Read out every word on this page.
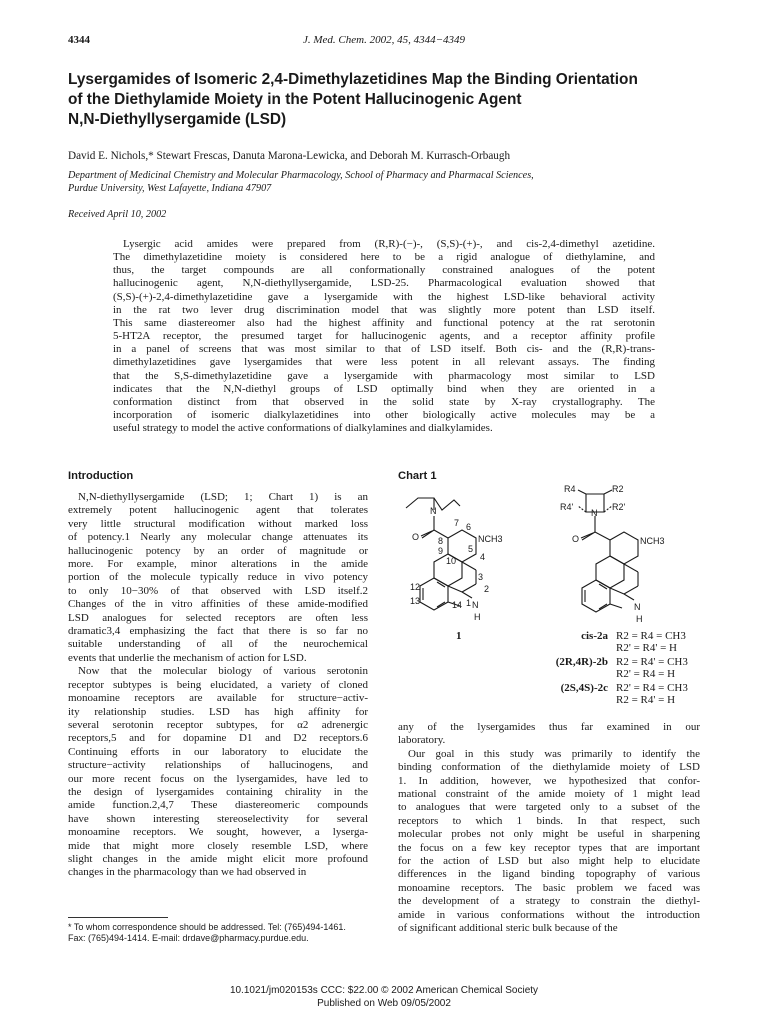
4344	J. Med. Chem. 2002, 45, 4344−4349
Lysergamides of Isomeric 2,4-Dimethylazetidines Map the Binding Orientation
of the Diethylamide Moiety in the Potent Hallucinogenic Agent
N,N-Diethyllysergamide (LSD)
David E. Nichols,* Stewart Frescas, Danuta Marona-Lewicka, and Deborah M. Kurrasch-Orbaugh
Department of Medicinal Chemistry and Molecular Pharmacology, School of Pharmacy and Pharmacal Sciences,
Purdue University, West Lafayette, Indiana 47907
Received April 10, 2002
Lysergic acid amides were prepared from (R,R)-(−)-, (S,S)-(+)-, and cis-2,4-dimethyl azetidine.
The dimethylazetidine moiety is considered here to be a rigid analogue of diethylamine, and
thus, the target compounds are all conformationally constrained analogues of the potent
hallucinogenic agent, N,N-diethyllysergamide, LSD-25. Pharmacological evaluation showed that
(S,S)-(+)-2,4-dimethylazetidine gave a lysergamide with the highest LSD-like behavioral activity
in the rat two lever drug discrimination model that was slightly more potent than LSD itself.
This same diastereomer also had the highest affinity and functional potency at the rat serotonin
5-HT2A receptor, the presumed target for hallucinogenic agents, and a receptor affinity profile
in a panel of screens that was most similar to that of LSD itself. Both cis- and the (R,R)-trans-
dimethylazetidines gave lysergamides that were less potent in all relevant assays. The finding
that the S,S-dimethylazetidine gave a lysergamide with pharmacology most similar to LSD
indicates that the N,N-diethyl groups of LSD optimally bind when they are oriented in a
conformation distinct from that observed in the solid state by X-ray crystallography. The
incorporation of isomeric dialkylazetidines into other biologically active molecules may be a
useful strategy to model the active conformations of dialkylamines and dialkylamides.
Introduction
N,N-diethyllysergamide (LSD; 1; Chart 1) is an
extremely potent hallucinogenic agent that tolerates
very little structural modification without marked loss
of potency.1 Nearly any molecular change attenuates its
hallucinogenic potency by an order of magnitude or
more. For example, minor alterations in the amide
portion of the molecule typically reduce in vivo potency
to only 10−30% of that observed with LSD itself.2
Changes of the in vitro affinities of these amide-modified
LSD analogues for selected receptors are often less
dramatic3,4 emphasizing the fact that there is so far no
suitable understanding of all of the neurochemical
events that underlie the mechanism of action for LSD.
Now that the molecular biology of various serotonin
receptor subtypes is being elucidated, a variety of cloned
monoamine receptors are available for structure−activ-
ity relationship studies. LSD has high affinity for
several serotonin receptor subtypes, for α2 adrenergic
receptors,5 and for dopamine D1 and D2 receptors.6
Continuing efforts in our laboratory to elucidate the
structure−activity relationships of hallucinogens, and
our more recent focus on the lysergamides, have led to
the design of lysergamides containing chirality in the
amide function.2,4,7 These diastereomeric compounds
have shown interesting stereoselectivity for several
monoamine receptors. We sought, however, a lyserga-
mide that might more closely resemble LSD, where
slight changes in the amide might elicit more profound
changes in the pharmacology than we had observed in
Chart 1
N
O	NCH3
N
H
7 6
8
5
9
10	4
12
3
2
13	1
14
R4	R2
R4'	R2'
N
O	NCH3
N
H
1	cis-2a R2 = R4 = CH3
R2' = R4' = H
(2R,4R)-2b R2 = R4' = CH3
R2' = R4 = H
(2S,4S)-2c R2' = R4 = CH3
R2 = R4' = H
any of the lysergamides thus far examined in our
laboratory.
Our goal in this study was primarily to identify the
binding conformation of the diethylamide moiety of LSD
1. In addition, however, we hypothesized that confor-
mational constraint of the amide moiety of 1 might lead
to analogues that were targeted only to a subset of the
receptors to which 1 binds. In that respect, such
molecular probes not only might be useful in sharpening
the focus on a few key receptor types that are important
for the action of LSD but also might help to elucidate
differences in the ligand binding topography of various
monoamine receptors. The basic problem we faced was
the development of a strategy to constrain the diethyl-
amide in various conformations without the introduction
of significant additional steric bulk because of the
* To whom correspondence should be addressed. Tel: (765)494-1461.
Fax: (765)494-1414. E-mail: drdave@pharmacy.purdue.edu.
10.1021/jm020153s CCC: $22.00 © 2002 American Chemical Society
Published on Web 09/05/2002
